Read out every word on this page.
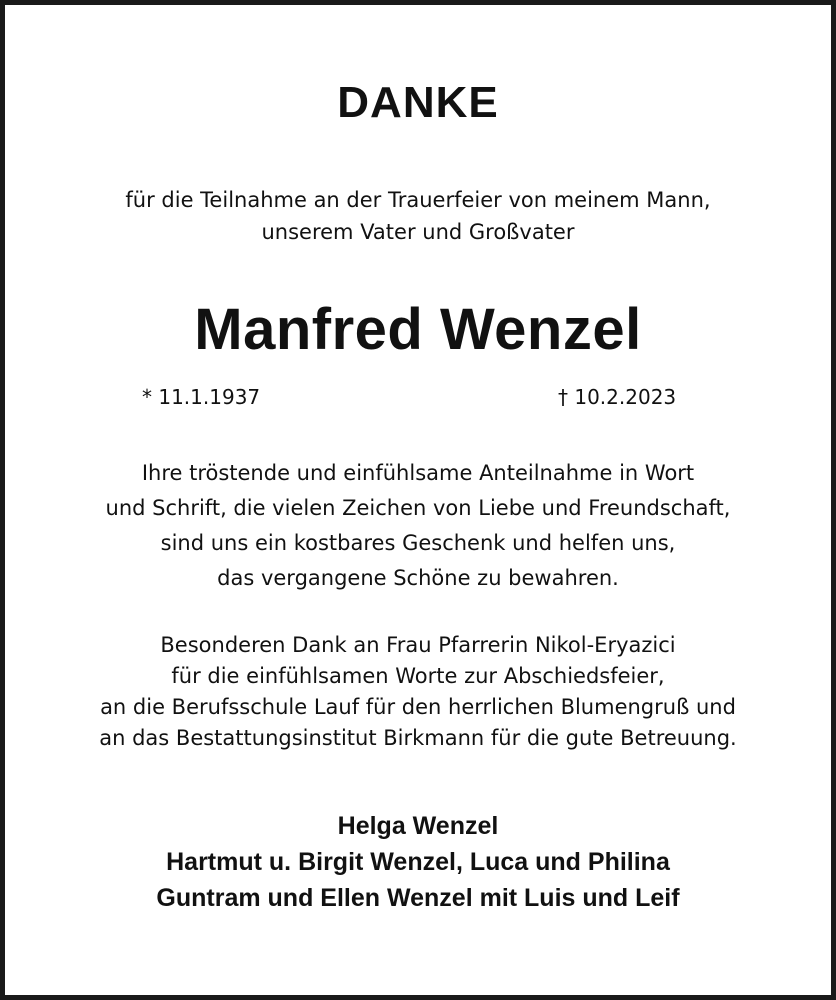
DANKE
für die Teilnahme an der Trauerfeier von meinem Mann,
unserem Vater und Großvater
Manfred Wenzel
* 11.1.1937	† 10.2.2023
Ihre tröstende und einfühlsame Anteilnahme in Wort
und Schrift, die vielen Zeichen von Liebe und Freundschaft,
sind uns ein kostbares Geschenk und helfen uns,
das vergangene Schöne zu bewahren.
Besonderen Dank an Frau Pfarrerin Nikol-Eryazici
für die einfühlsamen Worte zur Abschiedsfeier,
an die Berufsschule Lauf für den herrlichen Blumengruß und
an das Bestattungsinstitut Birkmann für die gute Betreuung.
Helga Wenzel
Hartmut u. Birgit Wenzel, Luca und Philina
Guntram und Ellen Wenzel mit Luis und Leif
